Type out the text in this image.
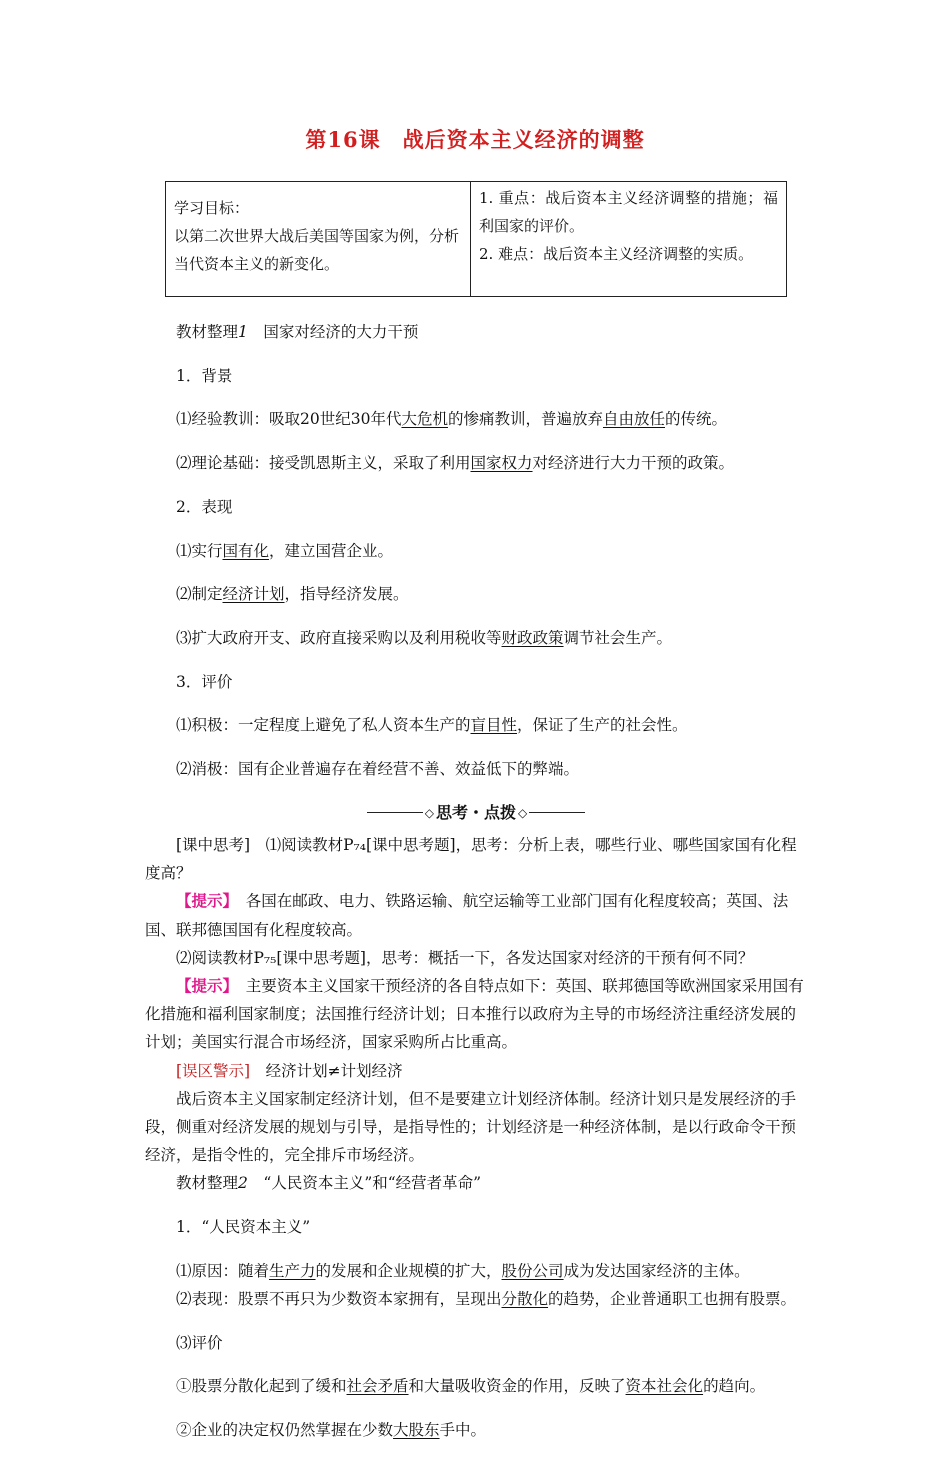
第16课　战后资本主义经济的调整
学习目标：
以第二次世界大战后美国等国家为例，分析当代资本主义的新变化。
1. 重点：战后资本主义经济调整的措施；福利国家的评价。
2. 难点：战后资本主义经济调整的实质。

教材整理1　 国家对经济的大力干预

1．背景

⑴经验教训：吸取20世纪30年代大危机的惨痛教训，普遍放弃自由放任的传统。

⑵理论基础：接受凯恩斯主义，采取了利用国家权力对经济进行大力干预的政策。

2．表现

⑴实行国有化，建立国营企业。

⑵制定经济计划，指导经济发展。

⑶扩大政府开支、政府直接采购以及利用税收等财政政策调节社会生产。

3．评价

⑴积极：一定程度上避免了私人资本生产的盲目性，保证了生产的社会性。

⑵消极：国有企业普遍存在着经营不善、效益低下的弊端。

◇ 思考・点拨 ◇

[课中思考]　 ⑴阅读教材P₇₄[课中思考题]，思考：分析上表，哪些行业、哪些国家国有化程度高？

【提示】　 各国在邮政、电力、铁路运输、航空运输等工业部门国有化程度较高；英国、法国、联邦德国国有化程度较高。

⑵阅读教材P₇₅[课中思考题]，思考：概括一下，各发达国家对经济的干预有何不同？

【提示】　 主要资本主义国家干预经济的各自特点如下：英国、联邦德国等欧洲国家采用国有化措施和福利国家制度；法国推行经济计划；日本推行以政府为主导的市场经济注重经济发展的计划；美国实行混合市场经济，国家采购所占比重高。

[误区警示]　 经济计划≠计划经济

战后资本主义国家制定经济计划，但不是要建立计划经济体制。经济计划只是发展经济的手段，侧重对经济发展的规划与引导，是指导性的；计划经济是一种经济体制，是以行政命令干预经济，是指令性的，完全排斥市场经济。

教材整理2　 “人民资本主义”和“经营者革命”

1．“人民资本主义”

⑴原因：随着生产力的发展和企业规模的扩大，股份公司成为发达国家经济的主体。

⑵表现：股票不再只为少数资本家拥有，呈现出分散化的趋势，企业普通职工也拥有股票。

⑶评价

①股票分散化起到了缓和社会矛盾和大量吸收资金的作用，反映了资本社会化的趋向。

②企业的决定权仍然掌握在少数大股东手中。
